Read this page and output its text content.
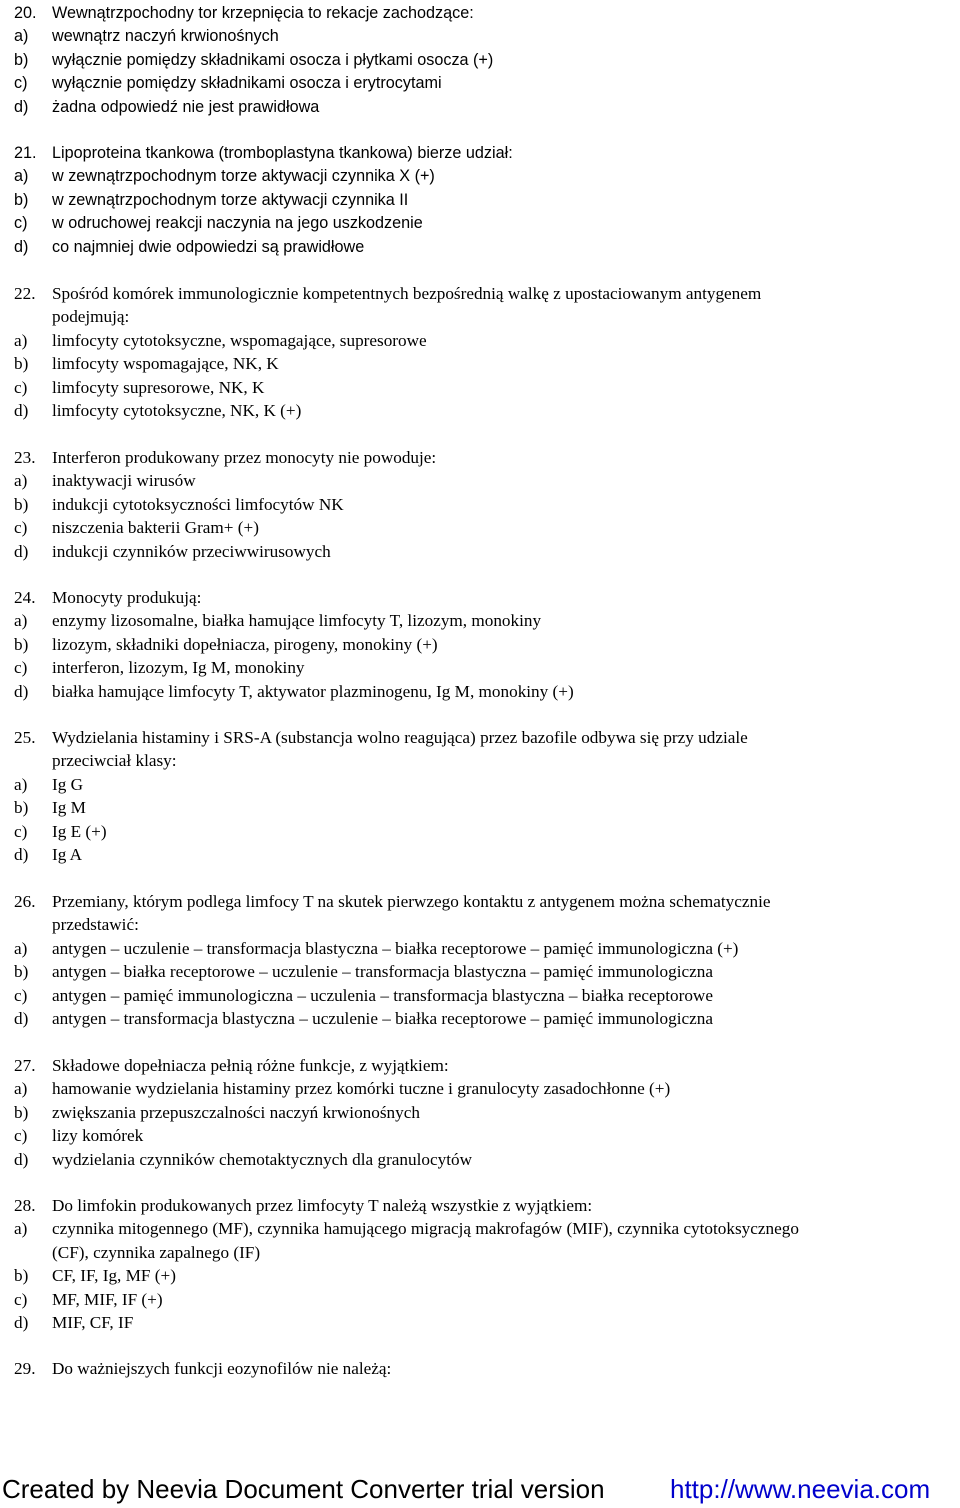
20. Wewnątrzpochodny tor krzepnięcia to rekacje zachodzące:
a) wewnątrz naczyń krwionośnych
b) wyłącznie pomiędzy składnikami osocza i płytkami osocza (+)
c) wyłącznie pomiędzy składnikami osocza i erytrocytami
d) żadna odpowiedź nie jest prawidłowa
21. Lipoproteina tkankowa (tromboplastyna tkankowa) bierze udział:
a) w zewnątrzpochodnym torze aktywacji czynnika X (+)
b) w zewnątrzpochodnym torze aktywacji czynnika II
c) w odruchowej reakcji naczynia na jego uszkodzenie
d) co najmniej dwie odpowiedzi są prawidłowe
22. Spośród komórek immunologicznie kompetentnych bezpośrednią walkę z upostaciowanym antygenem
podejmują:
a) limfocyty cytotoksyczne, wspomagające, supresorowe
b) limfocyty wspomagające, NK, K
c) limfocyty supresorowe, NK, K
d) limfocyty cytotoksyczne, NK, K (+)
23. Interferon produkowany przez monocyty nie powoduje:
a) inaktywacji wirusów
b) indukcji cytotoksyczności limfocytów NK
c) niszczenia bakterii Gram+ (+)
d) indukcji czynników przeciwwirusowych
24. Monocyty produkują:
a) enzymy lizosomalne, białka hamujące limfocyty T, lizozym, monokiny
b) lizozym, składniki dopełniacza, pirogeny, monokiny (+)
c) interferon, lizozym, Ig M, monokiny
d) białka hamujące limfocyty T, aktywator plazminogenu, Ig M, monokiny (+)
25. Wydzielania histaminy i SRS-A (substancja wolno reagująca) przez bazofile odbywa się przy udziale
przeciwciał klasy:
a) Ig G
b) Ig M
c) Ig E (+)
d) Ig A
26. Przemiany, którym podlega limfocy T na skutek pierwzego kontaktu z antygenem można schematycznie
przedstawić:
a) antygen – uczulenie – transformacja blastyczna – białka receptorowe – pamięć immunologiczna (+)
b) antygen – białka receptorowe – uczulenie – transformacja blastyczna – pamięć immunologiczna
c) antygen – pamięć immunologiczna – uczulenia – transformacja blastyczna – białka receptorowe
d) antygen – transformacja blastyczna – uczulenie – białka receptorowe – pamięć immunologiczna
27. Składowe dopełniacza pełnią różne funkcje, z wyjątkiem:
a) hamowanie wydzielania histaminy przez komórki tuczne i granulocyty zasadochłonne (+)
b) zwiększania przepuszczalności naczyń krwionośnych
c) lizy komórek
d) wydzielania czynników chemotaktycznych dla granulocytów
28. Do limfokin produkowanych przez limfocyty T należą wszystkie z wyjątkiem:
a) czynnika mitogennego (MF), czynnika hamującego migracją makrofagów (MIF), czynnika cytotoksycznego
(CF), czynnika zapalnego (IF)
b) CF, IF, Ig, MF (+)
c) MF, MIF, IF (+)
d) MIF, CF, IF
29. Do ważniejszych funkcji eozynofilów nie należą:
Created by Neevia Document Converter trial version	http://www.neevia.com
